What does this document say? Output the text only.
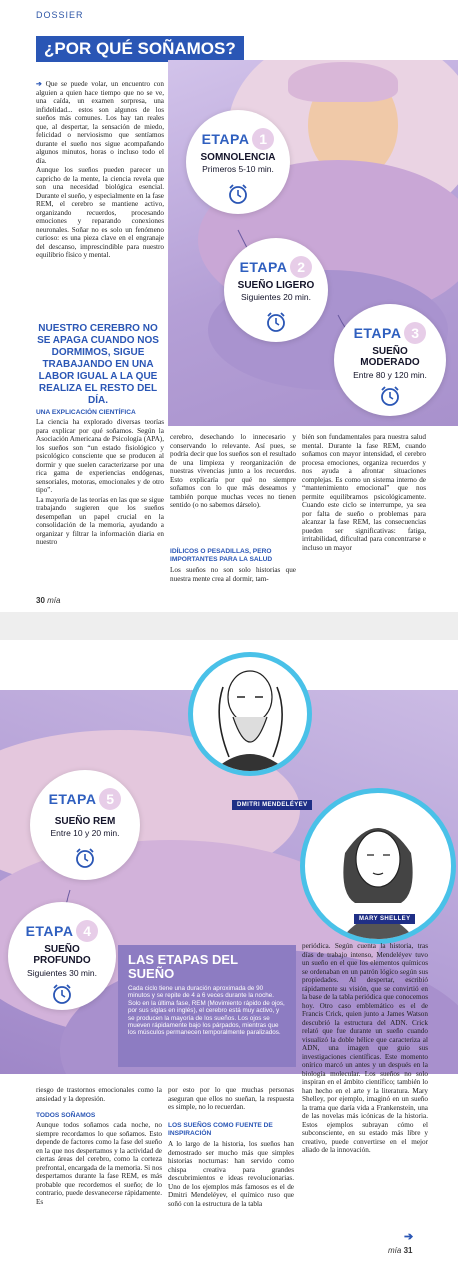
DOSSIER
¿POR QUÉ SOÑAMOS?

➔ Que se puede volar, un encuentro con alguien a quien hace tiempo que no se ve, una caída, un examen sorpresa, una infidelidad... estos son algunos de los sueños más comunes. Los hay tan reales que, al despertar, la sensación de miedo, felicidad o nerviosismo que sentíamos durante el sueño nos sigue acompañando algunos minutos, horas o incluso todo el día.

Aunque los sueños pueden parecer un capricho de la mente, la ciencia revela que son una necesidad biológica esencial. Durante el sueño, y especialmente en la fase REM, el cerebro se mantiene activo, organizando recuerdos, procesando emociones y reparando conexiones neuronales. Soñar no es solo un fenómeno curioso: es una pieza clave en el engranaje del descanso, imprescindible para nuestro equilibrio físico y mental.

NUESTRO CEREBRO NO SE APAGA CUANDO NOS DORMIMOS, SIGUE TRABAJANDO EN UNA LABOR IGUAL A LA QUE REALIZA EL RESTO DEL DÍA.
UNA EXPLICACIÓN CIENTÍFICA

La ciencia ha explorado diversas teorías para explicar por qué soñamos. Según la Asociación Americana de Psicología (APA), los sueños son “un estado fisiológico y psicológico consciente que se producen al dormir y que suelen caracterizarse por una rica gama de experiencias endógenas, sensoriales, motoras, emocionales y de otro tipo”.

La mayoría de las teorías en las que se sigue trabajando sugieren que los sueños desempeñan un papel crucial en la consolidación de la memoria, ayudando a organizar y filtrar la información diaria en nuestro

cerebro, desechando lo innecesario y conservando lo relevante. Así pues, se podría decir que los sueños son el resultado de una limpieza y reorganización de nuestras vivencias junto a los recuerdos. Esto explicaría por qué no siempre soñamos con lo que más deseamos y también porque muchas veces no tienen sentido (o no sabemos dárselo).
IDÍLICOS O PESADILLAS, PERO IMPORTANTES PARA LA SALUD
Los sueños no son solo historias que nuestra mente crea al dormir, tam-
bién son fundamentales para nuestra salud mental. Durante la fase REM, cuando soñamos con mayor intensidad, el cerebro procesa emociones, organiza recuerdos y nos ayuda a afrontar situaciones complejas. Es como un sistema interno de “mantenimiento emocional” que nos permite equilibrarnos psicológicamente. Cuando este ciclo se interrumpe, ya sea por falta de sueño o problemas para alcanzar la fase REM, las consecuencias pueden ser significativas: fatiga, irritabilidad, dificultad para concentrarse e incluso un mayor
30 mía
ETAPA 1
SOMNOLENCIA
Primeros 5-10 min.
ETAPA 2
SUEÑO LIGERO
Siguientes 20 min.
ETAPA 3
SUEÑO MODERADO
Entre 80 y 120 min.
DMITRI MENDELÉYEV
MARY SHELLEY
ETAPA 5
SUEÑO REM
Entre 10 y 20 min.
ETAPA 4
SUEÑO PROFUNDO
Siguientes 30 min.
LAS ETAPAS DEL SUEÑO

Cada ciclo tiene una duración aproximada de 90 minutos y se repite de 4 a 6 veces durante la noche. Solo en la última fase, REM (Movimiento rápido de ojos, por sus siglas en inglés), el cerebro está muy activo, y se producen la mayoría de los sueños. Los ojos se mueven rápidamente bajo los párpados, mientras que los músculos permanecen temporalmente paralizados.

periódica. Según cuenta la historia, tras días de trabajo intenso, Mendeléyev tuvo un sueño en el que los elementos químicos se ordenaban en un patrón lógico según sus propiedades. Al despertar, escribió rápidamente su visión, que se convirtió en la base de la tabla periódica que conocemos hoy. Otro caso emblemático es el de Francis Crick, quien junto a James Watson descubrió la estructura del ADN. Crick relató que fue durante un sueño cuando visualizó la doble hélice que caracteriza al ADN, una imagen que guio sus investigaciones científicas. Este momento onírico marcó un antes y un después en la biología molecular. Los sueños no solo inspiran en el ámbito científico; también lo han hecho en el arte y la literatura. Mary Shelley, por ejemplo, imaginó en un sueño la trama que daría vida a Frankenstein, una de las novelas más icónicas de la historia. Estos ejemplos subrayan cómo el subconsciente, en su estado más libre y creativo, puede convertirse en el mejor aliado de la innovación.
riesgo de trastornos emocionales como la ansiedad y la depresión.
TODOS SOÑAMOS
Aunque todos soñamos cada noche, no siempre recordamos lo que soñamos. Esto depende de factores como la fase del sueño en la que nos despertamos y la actividad de ciertas áreas del cerebro, como la corteza prefrontal, encargada de la memoria. Si nos despertamos durante la fase REM, es más probable que recordemos el sueño; de lo contrario, puede desvanecerse rápidamente. Es
por esto por lo que muchas personas aseguran que ellos no sueñan, la respuesta es simple, no lo recuerdan.
LOS SUEÑOS COMO FUENTE DE INSPIRACIÓN
A lo largo de la historia, los sueños han demostrado ser mucho más que simples historias nocturnas: han servido como chispa creativa para grandes descubrimientos e ideas revolucionarias. Uno de los ejemplos más famosos es el de Dmitri Mendeléyev, el químico ruso que soñó con la estructura de la tabla
mía 31
➔
